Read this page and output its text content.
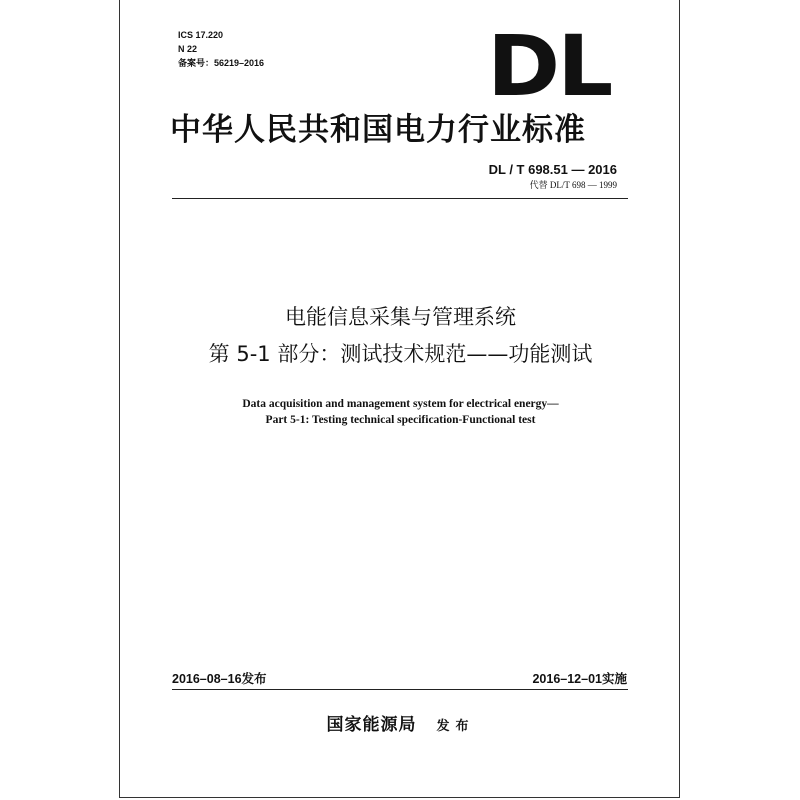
ICS 17.220
N 22
备案号：56219–2016	DL
中华人民共和国电力行业标准
DL / T 698.51 — 2016
代替 DL/T 698 — 1999
电能信息采集与管理系统
第 5-1 部分：测试技术规范——功能测试
Data acquisition and management system for electrical energy—
Part 5-1: Testing technical specification-Functional test
2016–08–16发布	2016–12–01实施
国家能源局 发布
